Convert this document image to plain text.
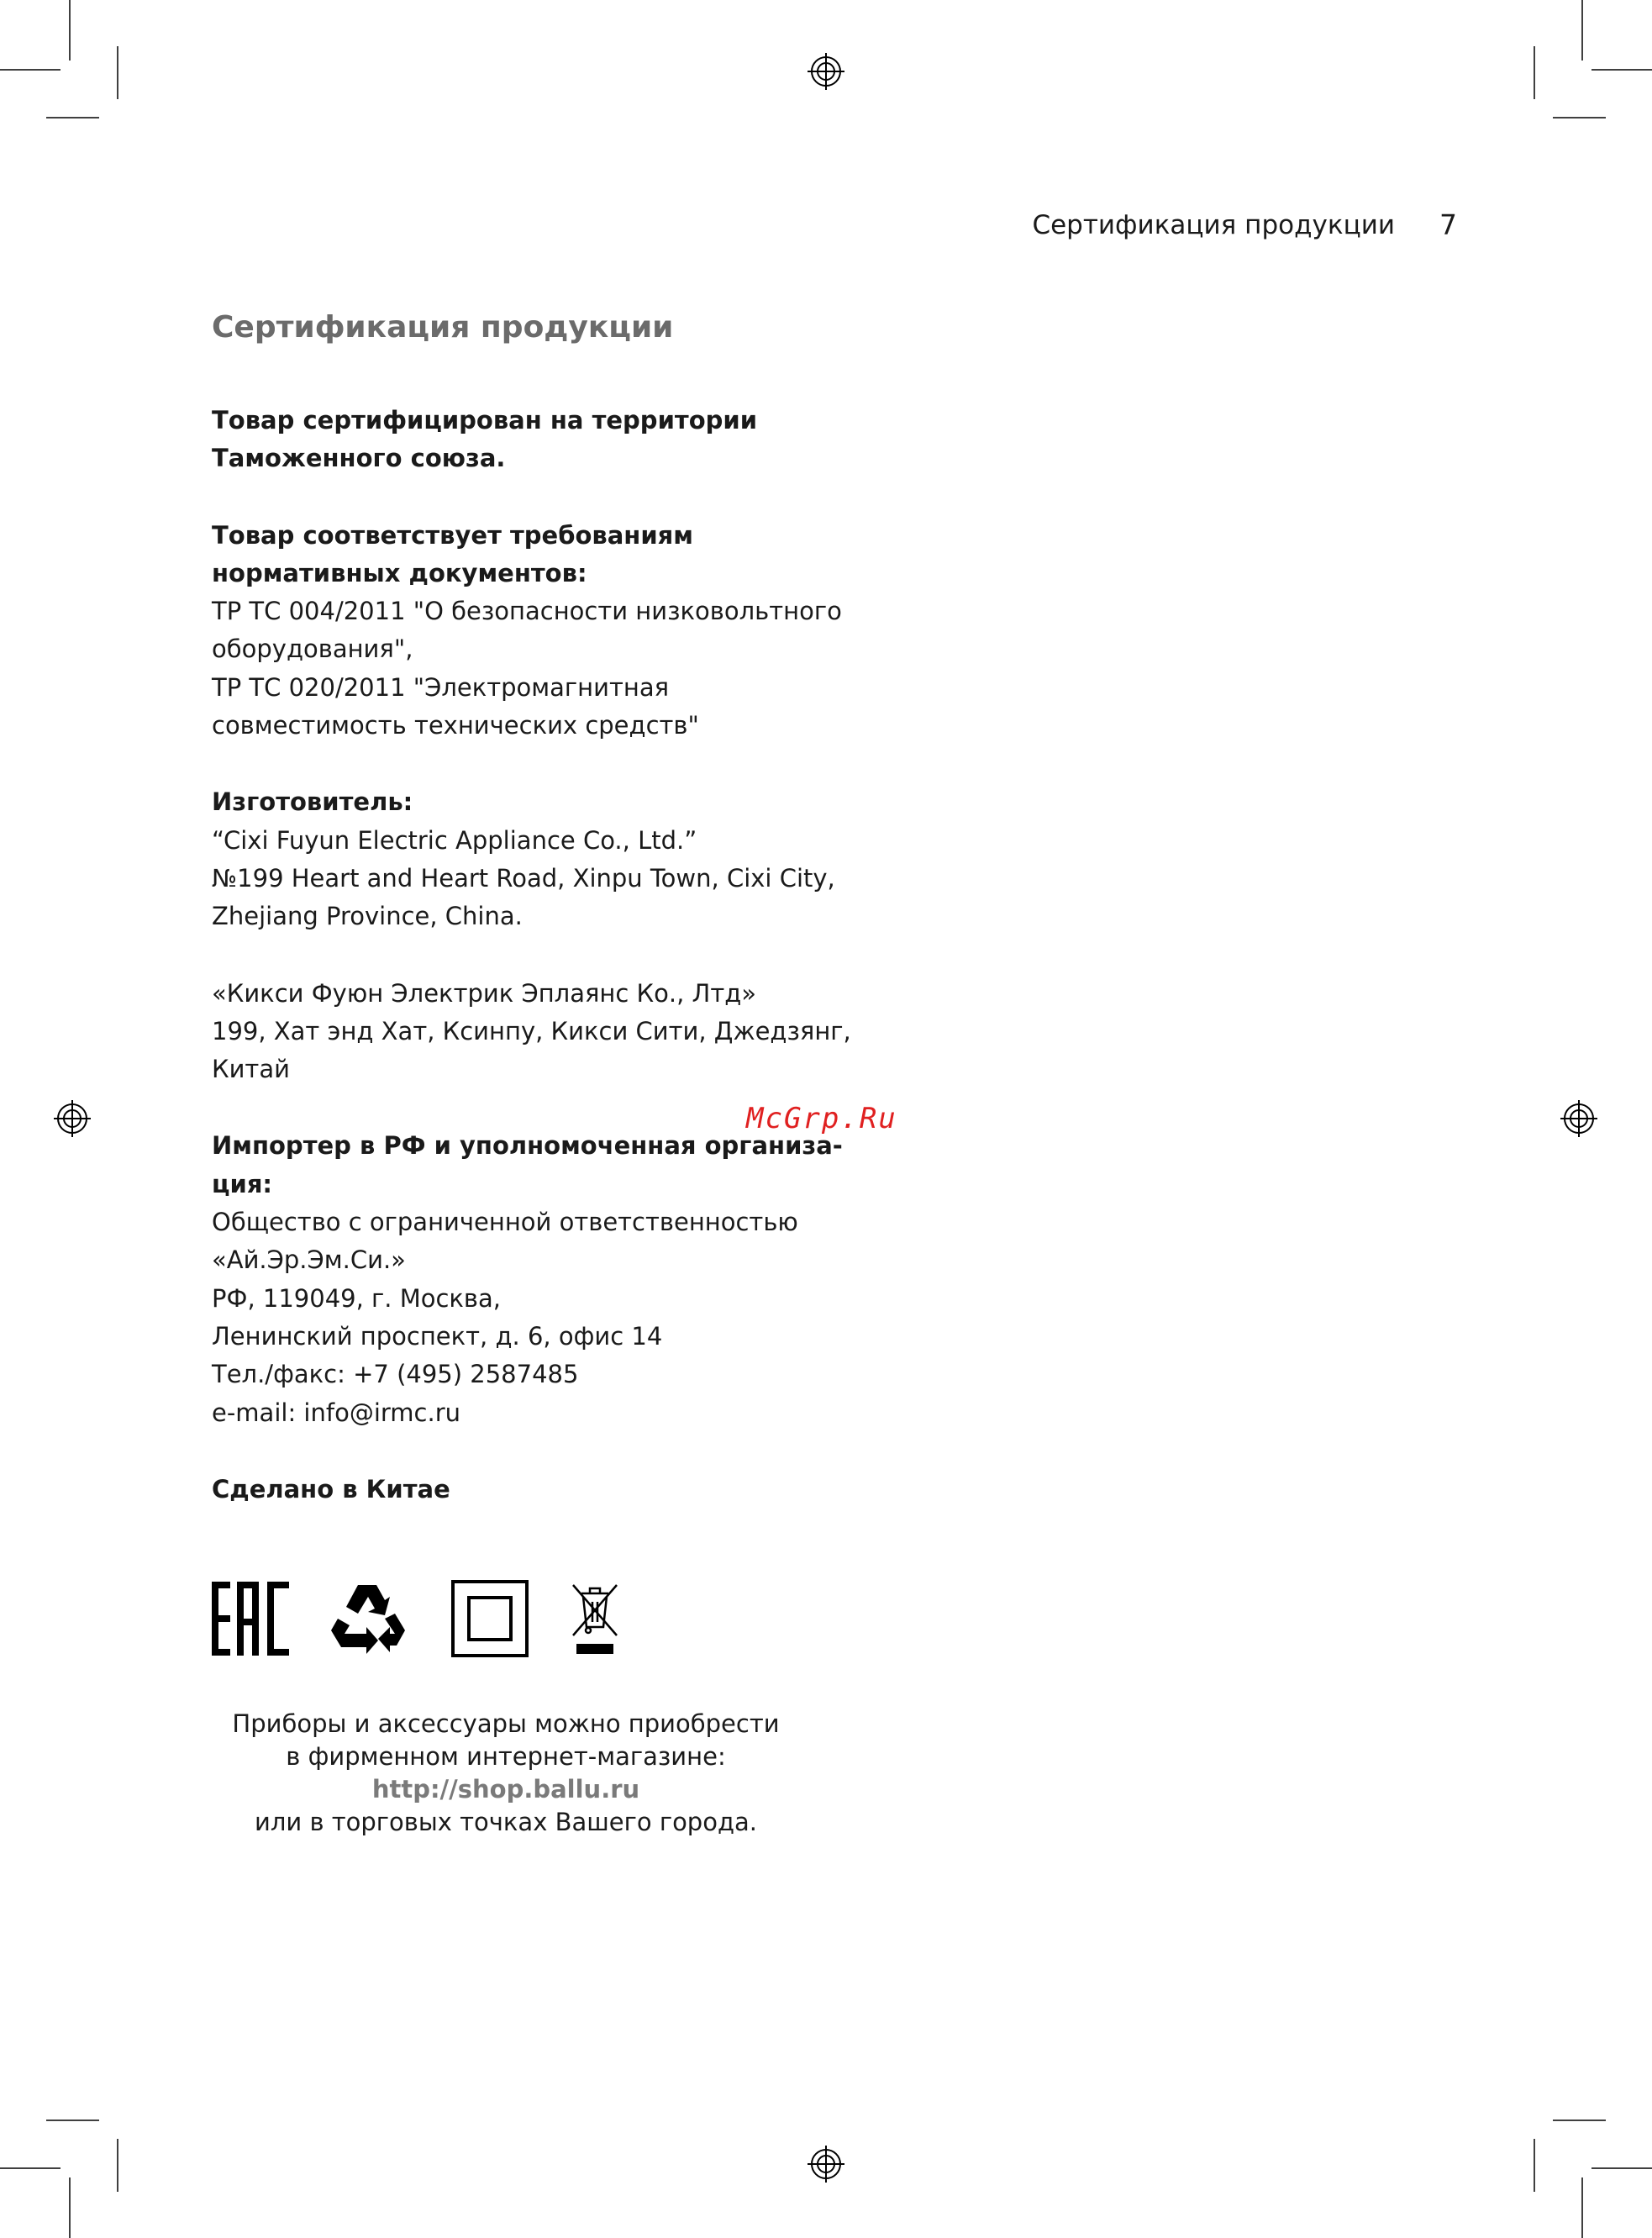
Сертификация продукции 7
Сертификация продукции
Товар сертифицирован на территории
Таможенного союза.
Товар соответствует требованиям
нормативных документов:
ТР ТС 004/2011 "О безопасности низковольтного
оборудования",
ТР ТС 020/2011 "Электромагнитная
совместимость технических средств"
Изготовитель:
“Cixi Fuyun Electric Appliance Co., Ltd.”
№199 Heart and Heart Road, Xinpu Town, Cixi City,
Zhejiang Province, China.
«Кикси Фуюн Электрик Эплаянс Ко., Лтд»
199, Хат энд Хат, Ксинпу, Кикси Сити, Джедзянг,
Китай
Импортер в РФ и уполномоченная организа-
ция:
Общество с ограниченной ответственностью
«Ай.Эр.Эм.Си.»
РФ, 119049, г. Москва,
Ленинский проспект, д. 6, офис 14
Тел./факс: +7 (495) 2587485
e-mail: info@irmc.ru
Сделано в Китае
McGrp.Ru
Приборы и аксессуары можно приобрести
в фирменном интернет-магазине:
http://shop.ballu.ru
или в торговых точках Вашего города.
